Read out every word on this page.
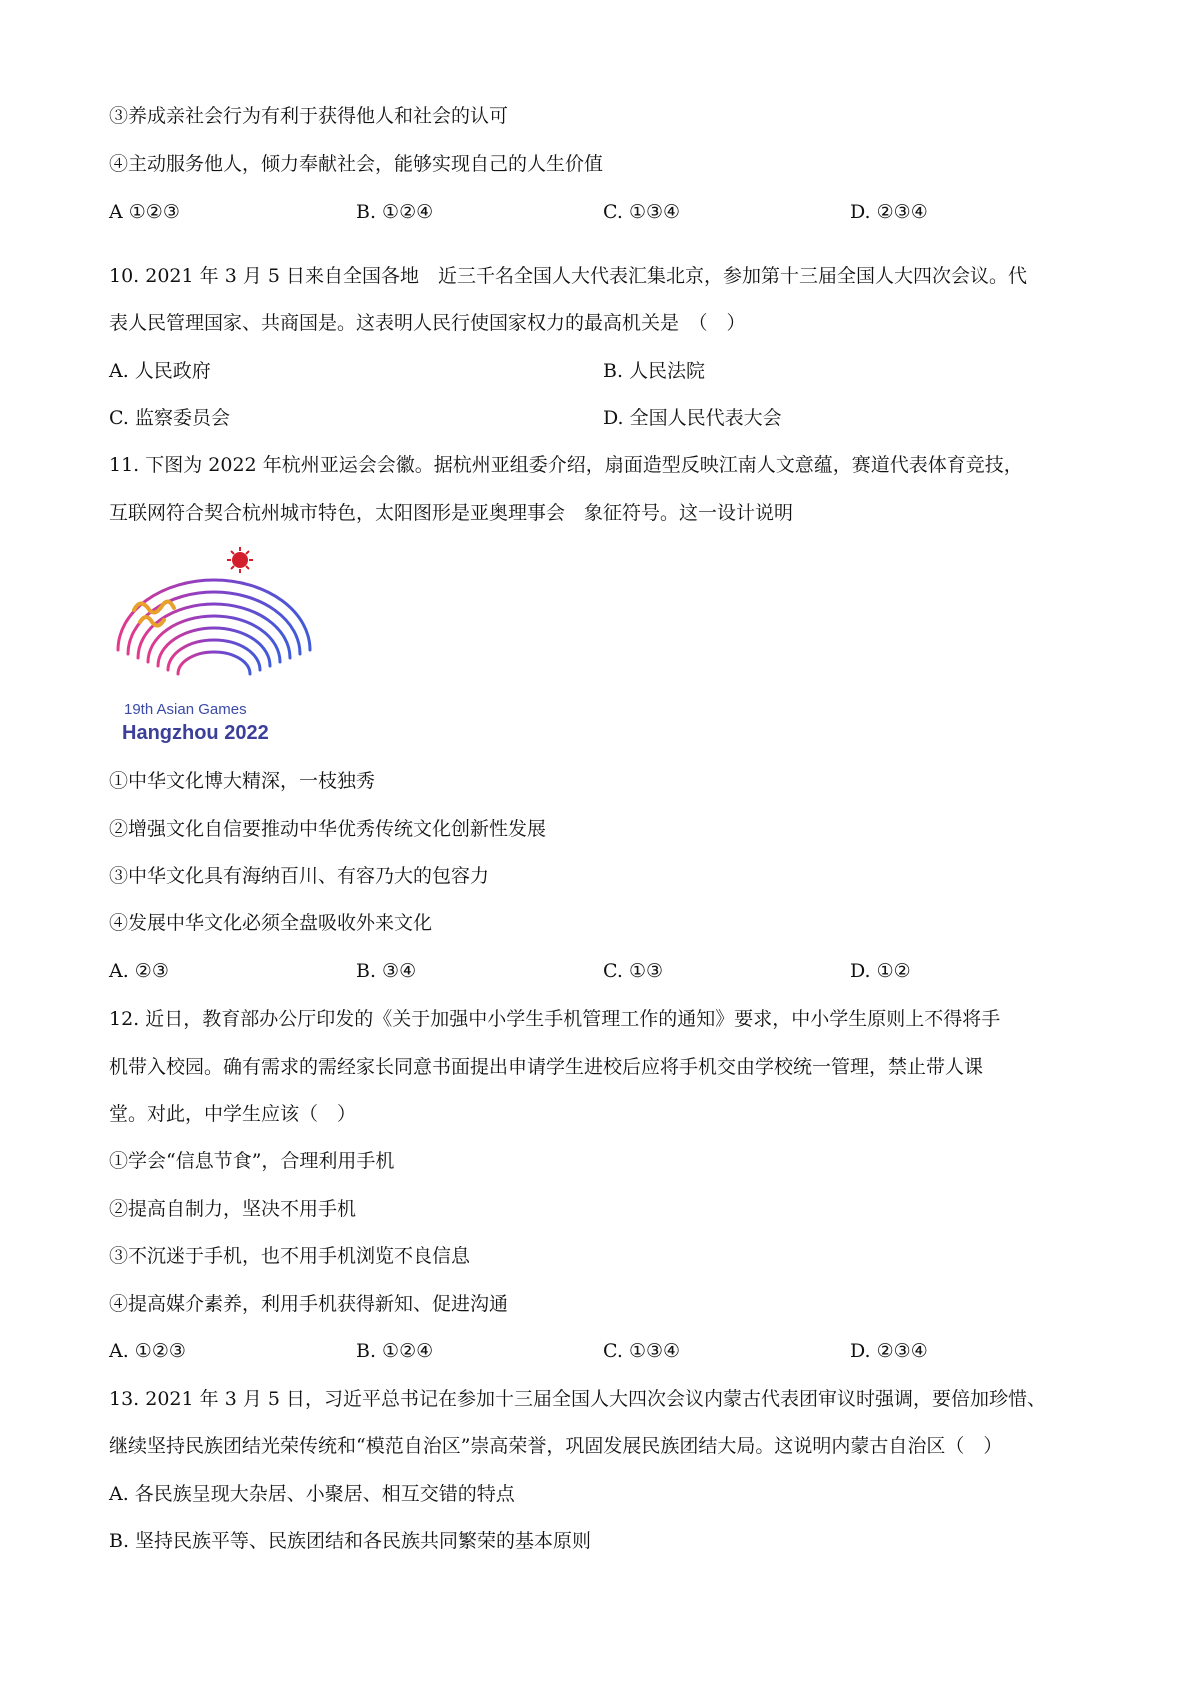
③养成亲社会行为有利于获得他人和社会的认可
④主动服务他人，倾力奉献社会，能够实现自己的人生价值
A ①②③	B. ①②④	C. ①③④	D. ②③④
10. 2021 年 3 月 5 日来自全国各地　近三千名全国人大代表汇集北京，参加第十三届全国人大四次会议。代
表人民管理国家、共商国是。这表明人民行使国家权力的最高机关是　（　）
A. 人民政府	B. 人民法院
C. 监察委员会	D. 全国人民代表大会
11. 下图为 2022 年杭州亚运会会徽。据杭州亚组委介绍，扇面造型反映江南人文意蕴，赛道代表体育竞技，
互联网符合契合杭州城市特色，太阳图形是亚奥理事会　象征符号。这一设计说明
19th Asian Games
Hangzhou 2022
①中华文化博大精深，一枝独秀
②增强文化自信要推动中华优秀传统文化创新性发展
③中华文化具有海纳百川、有容乃大的包容力
④发展中华文化必须全盘吸收外来文化
A. ②③	B. ③④	C. ①③	D. ①②
12. 近日，教育部办公厅印发的《关于加强中小学生手机管理工作的通知》要求，中小学生原则上不得将手
机带入校园。确有需求的需经家长同意书面提出申请学生进校后应将手机交由学校统一管理，禁止带人课
堂。对此，中学生应该（　）
①学会“信息节食”，合理利用手机
②提高自制力，坚决不用手机
③不沉迷于手机，也不用手机浏览不良信息
④提高媒介素养，利用手机获得新知、促进沟通
A. ①②③	B. ①②④	C. ①③④	D. ②③④
13. 2021 年 3 月 5 日，习近平总书记在参加十三届全国人大四次会议内蒙古代表团审议时强调，要倍加珍惜、
继续坚持民族团结光荣传统和“模范自治区”崇高荣誉，巩固发展民族团结大局。这说明内蒙古自治区（　）
A. 各民族呈现大杂居、小聚居、相互交错的特点
B. 坚持民族平等、民族团结和各民族共同繁荣的基本原则
